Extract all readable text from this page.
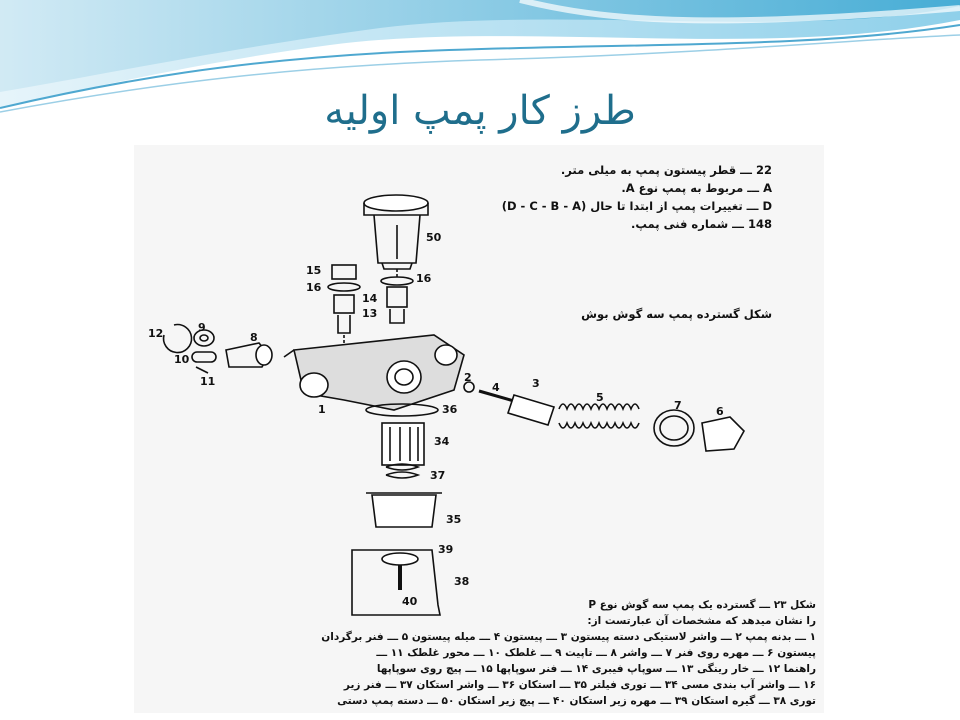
طرز کار پمپ اولیه
50
15
16
16
14
13
12	9
8
10
11
1
2
4	3
5
7	6
36
34
37
35
39
38
40
22 ـــ قطر پیستون پمپ به میلی متر.
A ـــ مربوط به پمپ نوع A.
D ـــ تغییرات پمپ از ابتدا تا حال (D - C - B - A)
148 ـــ شماره فنی پمپ.
شکل گسترده پمپ سه گوش بوش
شکل ۲۳ ـــ گسترده یک پمپ سه گوش نوع P
را نشان میدهد که مشخصات آن عبارتست از:
۱ ـــ بدنه پمپ ۲ ـــ واشر لاستیکی دسته پیستون ۳ ـــ پیستون ۴ ـــ میله پیستون ۵ ـــ فنر برگردان
پیستون ۶ ـــ مهره روی فنر ۷ ـــ واشر ۸ ـــ تاپیت ۹ ـــ غلطک ۱۰ ـــ محور غلطک ۱۱ ـــ
راهنما ۱۲ ـــ خار رینگی ۱۳ ـــ سوپاپ فیبری ۱۴ ـــ فنر سوپاپها ۱۵ ـــ پیچ روی سوپاپها
۱۶ ـــ واشر آب بندی مسی ۳۴ ـــ توری فیلتر ۳۵ ـــ استکان ۳۶ ـــ واشر استکان ۳۷ ـــ فنر زیر
توری ۳۸ ـــ گیره استکان ۳۹ ـــ مهره زیر استکان ۴۰ ـــ پیچ زیر استکان ۵۰ ـــ دسته پمپ دستی
